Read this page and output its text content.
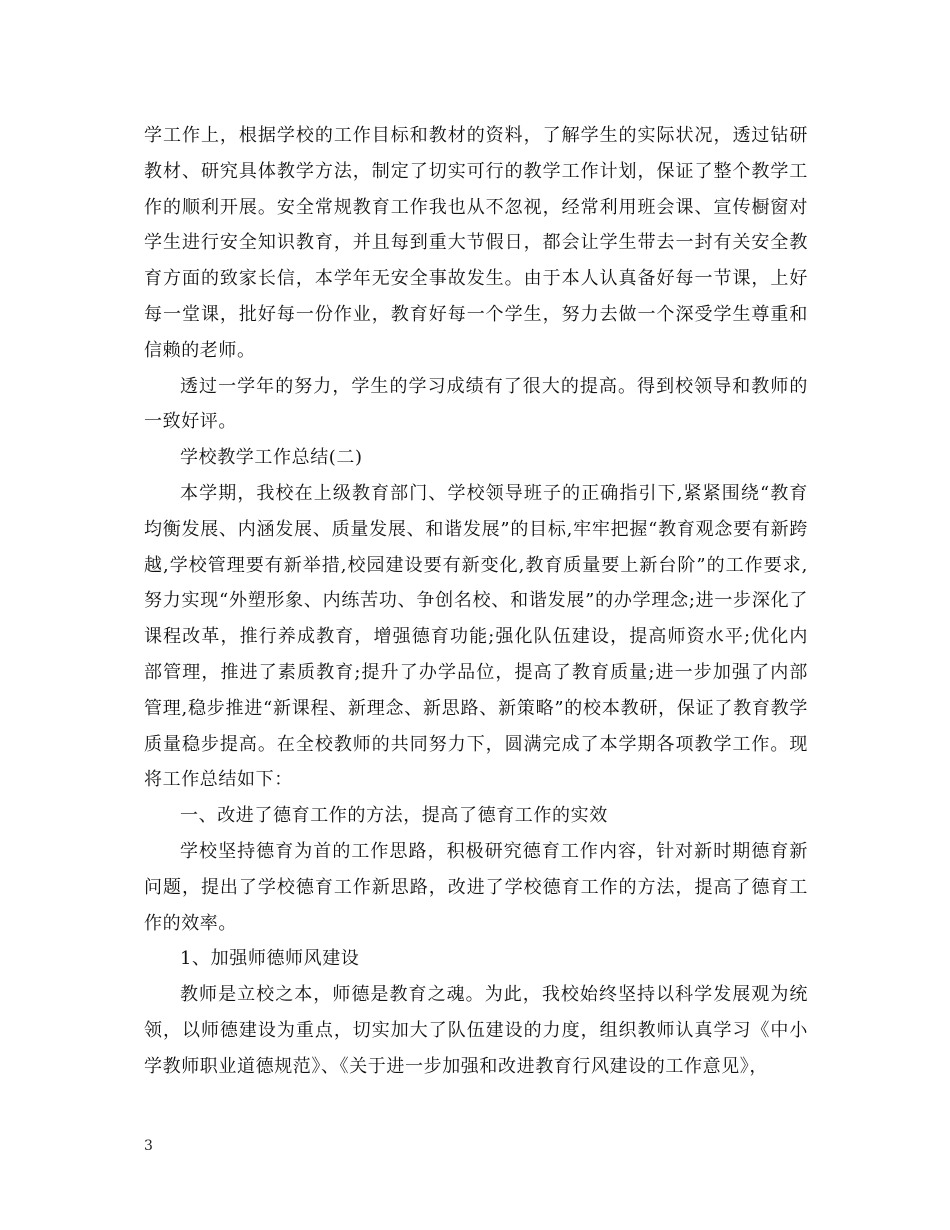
学工作上，根据学校的工作目标和教材的资料，了解学生的实际状况，透过钻研教材、研究具体教学方法，制定了切实可行的教学工作计划，保证了整个教学工作的顺利开展。安全常规教育工作我也从不忽视，经常利用班会课、宣传橱窗对学生进行安全知识教育，并且每到重大节假日，都会让学生带去一封有关安全教育方面的致家长信，本学年无安全事故发生。由于本人认真备好每一节课，上好每一堂课，批好每一份作业，教育好每一个学生，努力去做一个深受学生尊重和信赖的老师。

透过一学年的努力，学生的学习成绩有了很大的提高。得到校领导和教师的一致好评。

学校教学工作总结(二)

本学期，我校在上级教育部门、学校领导班子的正确指引下,紧紧围绕“教育均衡发展、内涵发展、质量发展、和谐发展”的目标,牢牢把握“教育观念要有新跨越,学校管理要有新举措,校园建设要有新变化,教育质量要上新台阶”的工作要求,努力实现“外塑形象、内练苦功、争创名校、和谐发展”的办学理念;进一步深化了课程改革，推行养成教育，增强德育功能;强化队伍建设，提高师资水平;优化内部管理，推进了素质教育;提升了办学品位，提高了教育质量;进一步加强了内部管理,稳步推进“新课程、新理念、新思路、新策略”的校本教研，保证了教育教学质量稳步提高。在全校教师的共同努力下，圆满完成了本学期各项教学工作。现将工作总结如下：

一、改进了德育工作的方法，提高了德育工作的实效

学校坚持德育为首的工作思路，积极研究德育工作内容，针对新时期德育新问题，提出了学校德育工作新思路，改进了学校德育工作的方法，提高了德育工作的效率。

1、加强师德师风建设

教师是立校之本，师德是教育之魂。为此，我校始终坚持以科学发展观为统领，以师德建设为重点，切实加大了队伍建设的力度，组织教师认真学习《中小学教师职业道德规范》、《关于进一步加强和改进教育行风建设的工作意见》，

3
